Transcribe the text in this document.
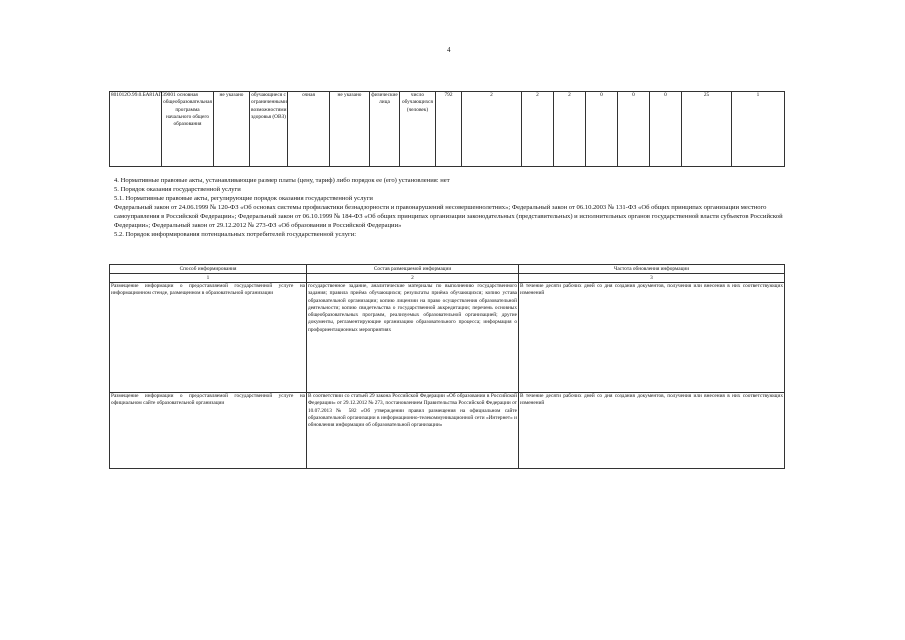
4
801012О.99.0.БА81АП39001	основная общеобразовательная программа начального общего образования	не указано	обучающиеся с ограниченными возможностями здоровья (ОВЗ)	очная	не указано	физические лица	число обучающихся (человек)	792	2	2	2	0	0	0	25	1

4. Нормативные правовые акты, устанавливающие размер платы (цену, тариф) либо порядок ее (его) установления: нет

5. Порядок оказания государственной услуги

5.1. Нормативные правовые акты, регулирующие порядок оказания государственной услуги

Федеральный закон от 24.06.1999 № 120-ФЗ «Об основах системы профилактики безнадзорности и правонарушений несовершеннолетних»; Федеральный закон от 06.10.2003 № 131-ФЗ «Об общих принципах организации местного самоуправления в Российской Федерации»; Федеральный закон от 06.10.1999 № 184-ФЗ «Об общих принципах организации законодательных (представительных) и исполнительных органов государственной власти субъектов Российской Федерации»; Федеральный закон от 29.12.2012 № 273-ФЗ «Об образовании в Российской Федерации»

5.2. Порядок информирования потенциальных потребителей государственной услуги:

Способ информирования	Состав размещаемой информации	Частота обновления информации
1	2	3
Размещение информации о предоставляемой государственной услуге на информационном стенде, размещенном в образовательной организации	государственное задание, аналитические материалы по выполнению государственного задания; правила приёма обучающихся; результаты приёма обучающихся; копию устава образовательной организации; копию лицензии на право осуществления образовательной деятельности; копию свидетельства о государственной аккредитации; перечень основных общеобразовательных программ, реализуемых образовательной организацией; другие документы, регламентирующие организацию образовательного процесса; информация о профориентационных мероприятиях	В течение десяти рабочих дней со дня создания документов, получения или внесения в них соответствующих изменений
Размещение информации о предоставляемой государственной услуге на официальном сайте образовательной организации	В соответствии со статьей 29 закона Российской Федерации «Об образовании в Российской Федерации» от 29.12.2012 № 273, постановлением Правительства Российской Федерации от 10.07.2013 № 582 «Об утверждении правил размещения на официальном сайте образовательной организации в информационно-телекоммуникационной сети «Интернет» и обновления информации об образовательной организации»	В течение десяти рабочих дней со дня создания документов, получения или внесения в них соответствующих изменений
